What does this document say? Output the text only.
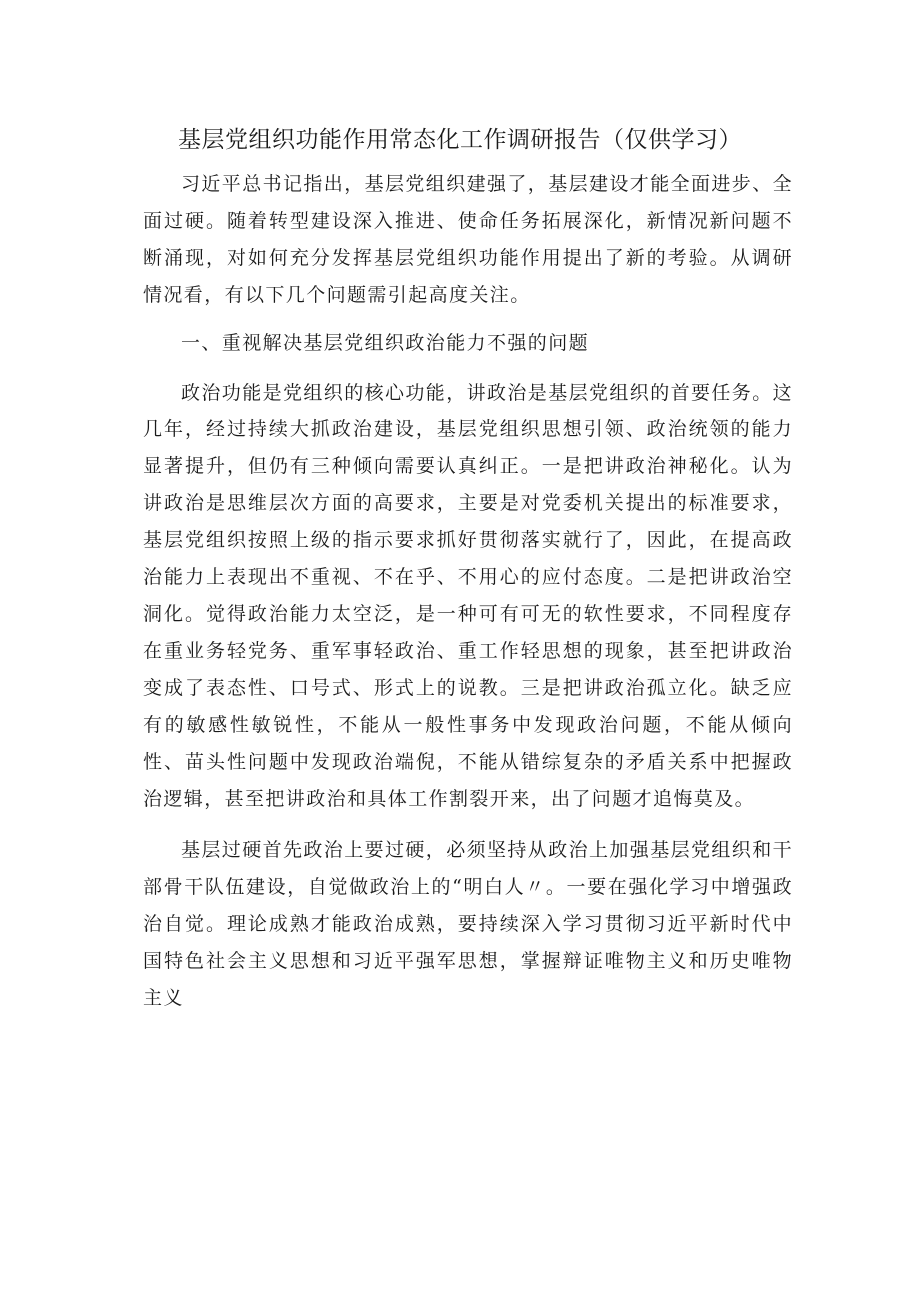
基层党组织功能作用常态化工作调研报告（仅供学习）

习近平总书记指出，基层党组织建强了，基层建设才能全面进步、全面过硬。随着转型建设深入推进、使命任务拓展深化，新情况新问题不断涌现，对如何充分发挥基层党组织功能作用提出了新的考验。从调研情况看，有以下几个问题需引起高度关注。

一、重视解决基层党组织政治能力不强的问题

政治功能是党组织的核心功能，讲政治是基层党组织的首要任务。这几年，经过持续大抓政治建设，基层党组织思想引领、政治统领的能力显著提升，但仍有三种倾向需要认真纠正。一是把讲政治神秘化。认为讲政治是思维层次方面的高要求，主要是对党委机关提出的标准要求，基层党组织按照上级的指示要求抓好贯彻落实就行了，因此，在提高政治能力上表现出不重视、不在乎、不用心的应付态度。二是把讲政治空洞化。觉得政治能力太空泛，是一种可有可无的软性要求，不同程度存在重业务轻党务、重军事轻政治、重工作轻思想的现象，甚至把讲政治变成了表态性、口号式、形式上的说教。三是把讲政治孤立化。缺乏应有的敏感性敏锐性，不能从一般性事务中发现政治问题，不能从倾向性、苗头性问题中发现政治端倪，不能从错综复杂的矛盾关系中把握政治逻辑，甚至把讲政治和具体工作割裂开来，出了问题才追悔莫及。

基层过硬首先政治上要过硬，必须坚持从政治上加强基层党组织和干部骨干队伍建设，自觉做政治上的“明白人〃。一要在强化学习中增强政治自觉。理论成熟才能政治成熟，要持续深入学习贯彻习近平新时代中国特色社会主义思想和习近平强军思想，掌握辩证唯物主义和历史唯物主义
